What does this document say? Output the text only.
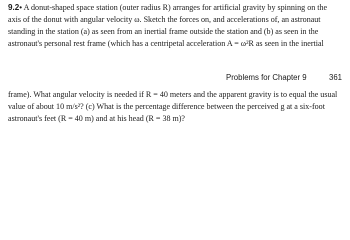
9.2•  A donut-shaped space station (outer radius R) arranges for artificial gravity by spinning on the
axis of the donut with angular velocity ω. Sketch the forces on, and accelerations of, an astronaut
standing in the station (a) as seen from an inertial frame outside the station and (b) as seen in the
astronaut's personal rest frame (which has a centripetal acceleration A = ω²R as seen in the inertial
Problems for Chapter 9	361
frame). What angular velocity is needed if R = 40 meters and the apparent gravity is to equal the usual
value of about 10 m/s²? (c) What is the percentage difference between the perceived g at a six-foot
astronaut's feet (R = 40 m) and at his head (R = 38 m)?
